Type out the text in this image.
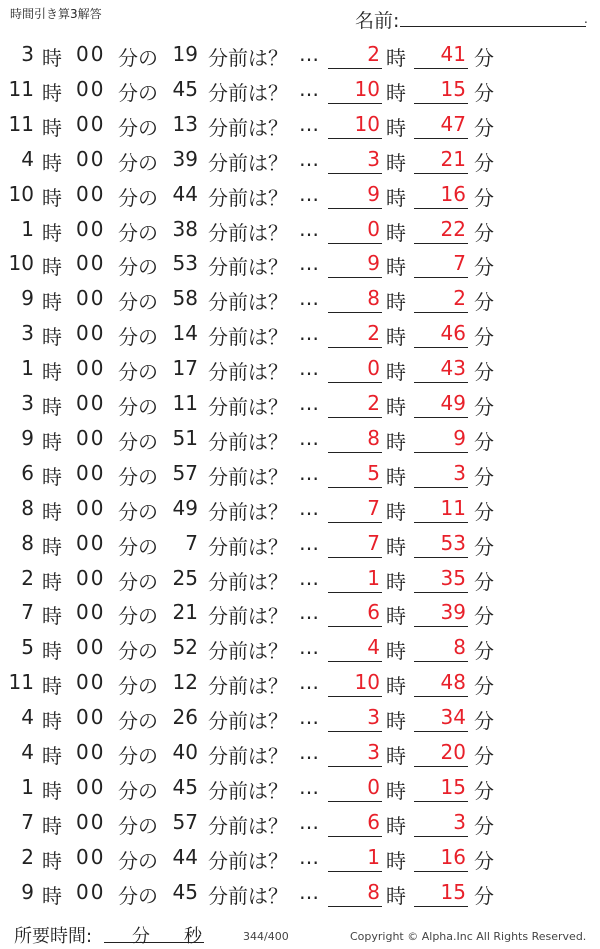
時間引き算3解答	名前:	.
3 時 00 分の 19 分前は？ …	2 時	41 分
11 時 00 分の 45 分前は？ …	10 時	15 分
11 時 00 分の 13 分前は？ …	10 時	47 分
4 時 00 分の 39 分前は？ …	3 時	21 分
10 時 00 分の 44 分前は？ …	9 時	16 分
1 時 00 分の 38 分前は？ …	0 時	22 分
10 時 00 分の 53 分前は？ …	9 時	7 分
9 時 00 分の 58 分前は？ …	8 時	2 分
3 時 00 分の 14 分前は？ …	2 時	46 分
1 時 00 分の 17 分前は？ …	0 時	43 分
3 時 00 分の 11 分前は？ …	2 時	49 分
9 時 00 分の 51 分前は？ …	8 時	9 分
6 時 00 分の 57 分前は？ …	5 時	3 分
8 時 00 分の 49 分前は？ …	7 時	11 分
8 時 00 分の	7 分前は？ …	7 時	53 分
2 時 00 分の 25 分前は？ …	1 時	35 分
7 時 00 分の 21 分前は？ …	6 時	39 分
5 時 00 分の 52 分前は？ …	4 時	8 分
11 時 00 分の 12 分前は？ …	10 時	48 分
4 時 00 分の 26 分前は？ …	3 時	34 分
4 時 00 分の 40 分前は？ …	3 時	20 分
1 時 00 分の 45 分前は？ …	0 時	15 分
7 時 00 分の 57 分前は？ …	6 時	3 分
2 時 00 分の 44 分前は？ …	1 時	16 分
9 時 00 分の 45 分前は？ …	8 時	15 分
所要時間: 分 秒	344/400	Copyright © Alpha.Inc All Rights Reserved.
